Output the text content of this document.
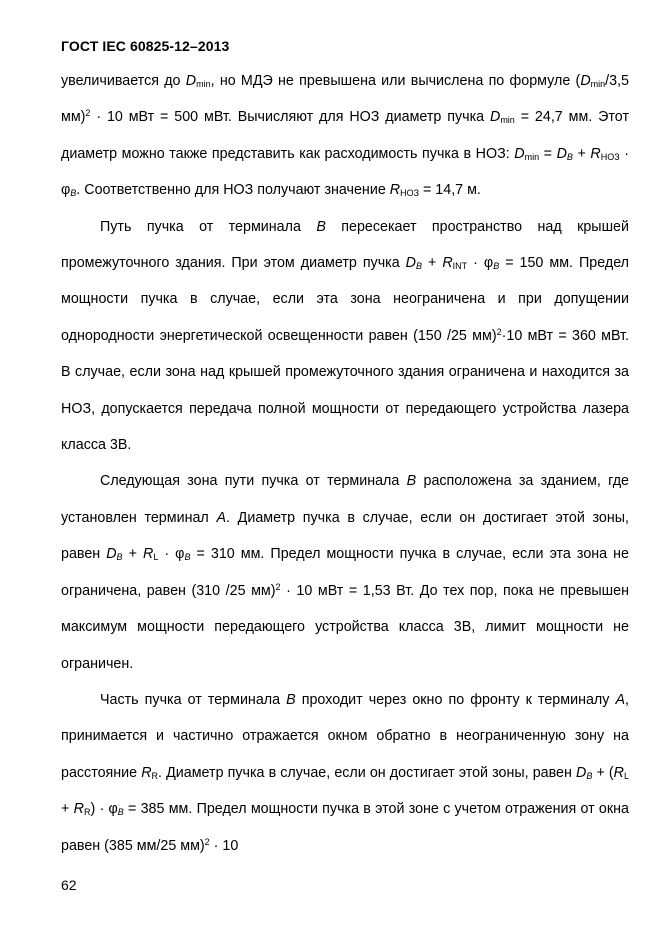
ГОСТ IEC 60825-12–2013

увеличивается до $D_{min}$, но МДЭ не превышена или вычислена по формуле ($D_{min}/3,5$ мм)$^2$ · 10 мВт = 500 мВт. Вычисляют для НОЗ диаметр пучка $D_{min} = 24,7$ мм. Этот диаметр можно также представить как расходимость пучка в НОЗ: $D_{min} = D_B + R_{НОЗ} \cdot \varphi_B$. Соответственно для НОЗ получают значение $R_{НОЗ} = 14,7$ м.

Путь пучка от терминала B пересекает пространство над крышей промежуточного здания. При этом диаметр пучка $D_B + R_{INT} \cdot \varphi_B = 150$ мм. Предел мощности пучка в случае, если эта зона неограничена и при допущении однородности энергетической освещенности равен (150 /25 мм)$^2$·10 мВт = 360 мВт. В случае, если зона над крышей промежуточного здания ограничена и находится за НОЗ, допускается передача полной мощности от передающего устройства лазера класса 3В.

Следующая зона пути пучка от терминала B расположена за зданием, где установлен терминал A. Диаметр пучка в случае, если он достигает этой зоны, равен $D_B + R_L \cdot \varphi_B = 310$ мм. Предел мощности пучка в случае, если эта зона не ограничена, равен (310 /25 мм)$^2$ · 10 мВт = 1,53 Вт. До тех пор, пока не превышен максимум мощности передающего устройства класса 3В, лимит мощности не ограничен.

Часть пучка от терминала B проходит через окно по фронту к терминалу A, принимается и частично отражается окном обратно в неограниченную зону на расстояние $R_R$. Диаметр пучка в случае, если он достигает этой зоны, равен $D_B + (R_L + R_R) \cdot \varphi_B = 385$ мм. Предел мощности пучка в этой зоне с учетом отражения от окна равен (385 мм/25 мм)$^2$ · 10

62
